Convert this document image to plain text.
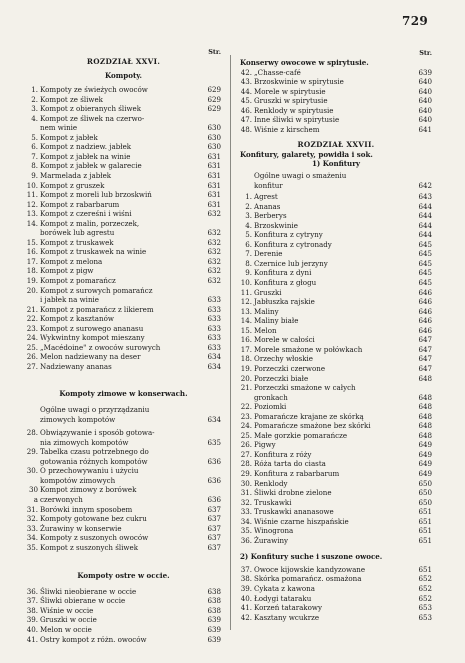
729
Str.
ROZDZIAŁ XXVI.
Kompoty.
1. Kompoty ze świeżych owoców	629
2. Kompot ze śliwek	629
3. Kompot z obieranych śliwek	629
4. Kompot ze śliwek na czerwo-
nem winie	630
5. Kompot z jabłek	630
6. Kompot z nadziew. jabłek	630
7. Kompot z jabłek na winie	631
8. Kompot z jabłek w galarecie	631
9. Marmelada z jabłek	631
10. Kompot z gruszek	631
11. Kompot z moreli lub brzoskwiń	631
12. Kompot z rabarbarum	631
13. Kompot z czereśni i wiśni	632
14. Kompot z malin, porzeczek,
borówek lub agrestu	632
15. Kompot z truskawek	632
16. Kompot z truskawek na winie	632
17. Kompot z melona	632
18. Kompot z pigw	632
19. Kompot z pomarańcz	632
20. Kompot z surowych pomarańcz
i jabłek na winie	633
21. Kompot z pomarańcz z likierem	633
22. Kompot z kasztanów	633
23. Kompot z surowego ananasu	633
24. Wykwintny kompot mieszany	633
25. „Macédoine" z owoców surowych	633
26. Melon nadziewany na deser	634
27. Nadziewany ananas	634
Kompoty zimowe w konserwach.
Ogólne uwagi o przyrządzaniu
zimowych kompotów	634
28. Obwiązywanie i sposób gotowa-
nia zimowych kompotów	635
29. Tabelka czasu potrzebnego do
gotowania różnych kompotów	636
30. O przechowywaniu i użyciu
kompotów zimowych	636
30 a
Kompot zimowy z borówek
czerwonych	636
31. Borówki innym sposobem	637
32. Kompoty gotowane bez cukru	637
33. Żurawiny w konserwie	637
34. Kompoty z suszonych owoców	637
35. Kompot z suszonych śliwek	637
Kompoty ostre w occie.
36. Śliwki nieobierane w occie	638
37. Śliwki obierane w occie	638
38. Wiśnie w occie	638
39. Gruszki w occie	639
40. Melon w occie	639
41. Ostry kompot z różn. owoców	639
Str.
Konserwy owocowe w spirytusie.
42. „Chasse-café	639
43. Brzoskwinie w spirytusie	640
44. Morele w spirytusie	640
45. Gruszki w spirytusie	640
46. Renklody w spirytusie	640
47. Inne śliwki w spirytusie	640
48. Wiśnie z kirschem	641
ROZDZIAŁ XXVII.
Konfitury, galarety, powidła i sok.
1) Konfitury
Ogólne uwagi o smażeniu
konfitur	642
1. Agrest	643
2. Ananas	644
3. Berberys	644
4. Brzoskwinie	644
5. Konfitura z cytryny	644
6. Konfitura z cytronady	645
7. Derenie	645
8. Czernice lub jerzyny	645
9. Konfitura z dyni	645
10. Konfitura z głogu	645
11. Gruszki	646
12. Jabłuszka rajskie	646
13. Maliny	646
14. Maliny białe	646
15. Melon	646
16. Morele w całości	647
17. Morele smażone w połówkach	647
18. Orzechy włoskie	647
19. Porzeczki czerwone	647
20. Porzeczki białe	648
21. Porzeczki smażone w całych
gronkach	648
22. Poziomki	648
23. Pomarańcze krajane ze skórką	648
24. Pomarańcze smażone bez skórki	648
25. Małe gorzkie pomarańcze	648
26. Pigwy	649
27. Konfitura z róży	649
28. Róża tarta do ciasta	649
29. Konfitura z rabarbarum	649
30. Renklody	650
31. Śliwki drobne zielone	650
32. Truskawki	650
33. Truskawki ananasowe	651
34. Wiśnie czarne hiszpańskie	651
35. Winogrona	651
36. Żurawiny	651
2) Konfitury suche i suszone owoce.
37. Owoce kijowskie kandyzowane	651
38. Skórka pomarańcz. osmażona	652
39. Cykata z kawona	652
40. Łodygi tataraku	652
41. Korzeń tatarakowy	653
42. Kasztany wcukrze	653
